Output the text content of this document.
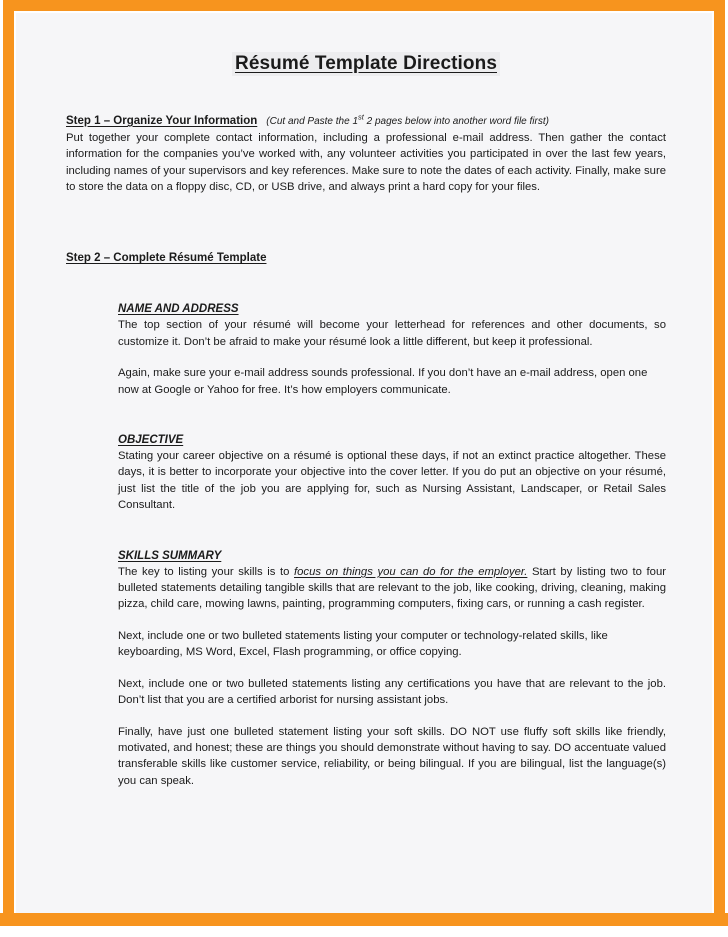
Résumé Template Directions
Step 1 – Organize Your Information (Cut and Paste the 1st 2 pages below into another word file first)

Put together your complete contact information, including a professional e-mail address. Then gather the contact information for the companies you’ve worked with, any volunteer activities you participated in over the last few years, including names of your supervisors and key references. Make sure to note the dates of each activity. Finally, make sure to store the data on a floppy disc, CD, or USB drive, and always print a hard copy for your files.

Step 2 – Complete Résumé Template
NAME AND ADDRESS

The top section of your résumé will become your letterhead for references and other documents, so customize it. Don’t be afraid to make your résumé look a little different, but keep it professional.

Again, make sure your e-mail address sounds professional. If you don’t have an e-mail address, open one now at Google or Yahoo for free. It’s how employers communicate.

OBJECTIVE

Stating your career objective on a résumé is optional these days, if not an extinct practice altogether. These days, it is better to incorporate your objective into the cover letter. If you do put an objective on your résumé, just list the title of the job you are applying for, such as Nursing Assistant, Landscaper, or Retail Sales Consultant.

SKILLS SUMMARY

The key to listing your skills is to focus on things you can do for the employer. Start by listing two to four bulleted statements detailing tangible skills that are relevant to the job, like cooking, driving, cleaning, making pizza, child care, mowing lawns, painting, programming computers, fixing cars, or running a cash register.

Next, include one or two bulleted statements listing your computer or technology-related skills, like keyboarding, MS Word, Excel, Flash programming, or office copying.

Next, include one or two bulleted statements listing any certifications you have that are relevant to the job. Don’t list that you are a certified arborist for nursing assistant jobs.

Finally, have just one bulleted statement listing your soft skills. DO NOT use fluffy soft skills like friendly, motivated, and honest; these are things you should demonstrate without having to say. DO accentuate valued transferable skills like customer service, reliability, or being bilingual. If you are bilingual, list the language(s) you can speak.
